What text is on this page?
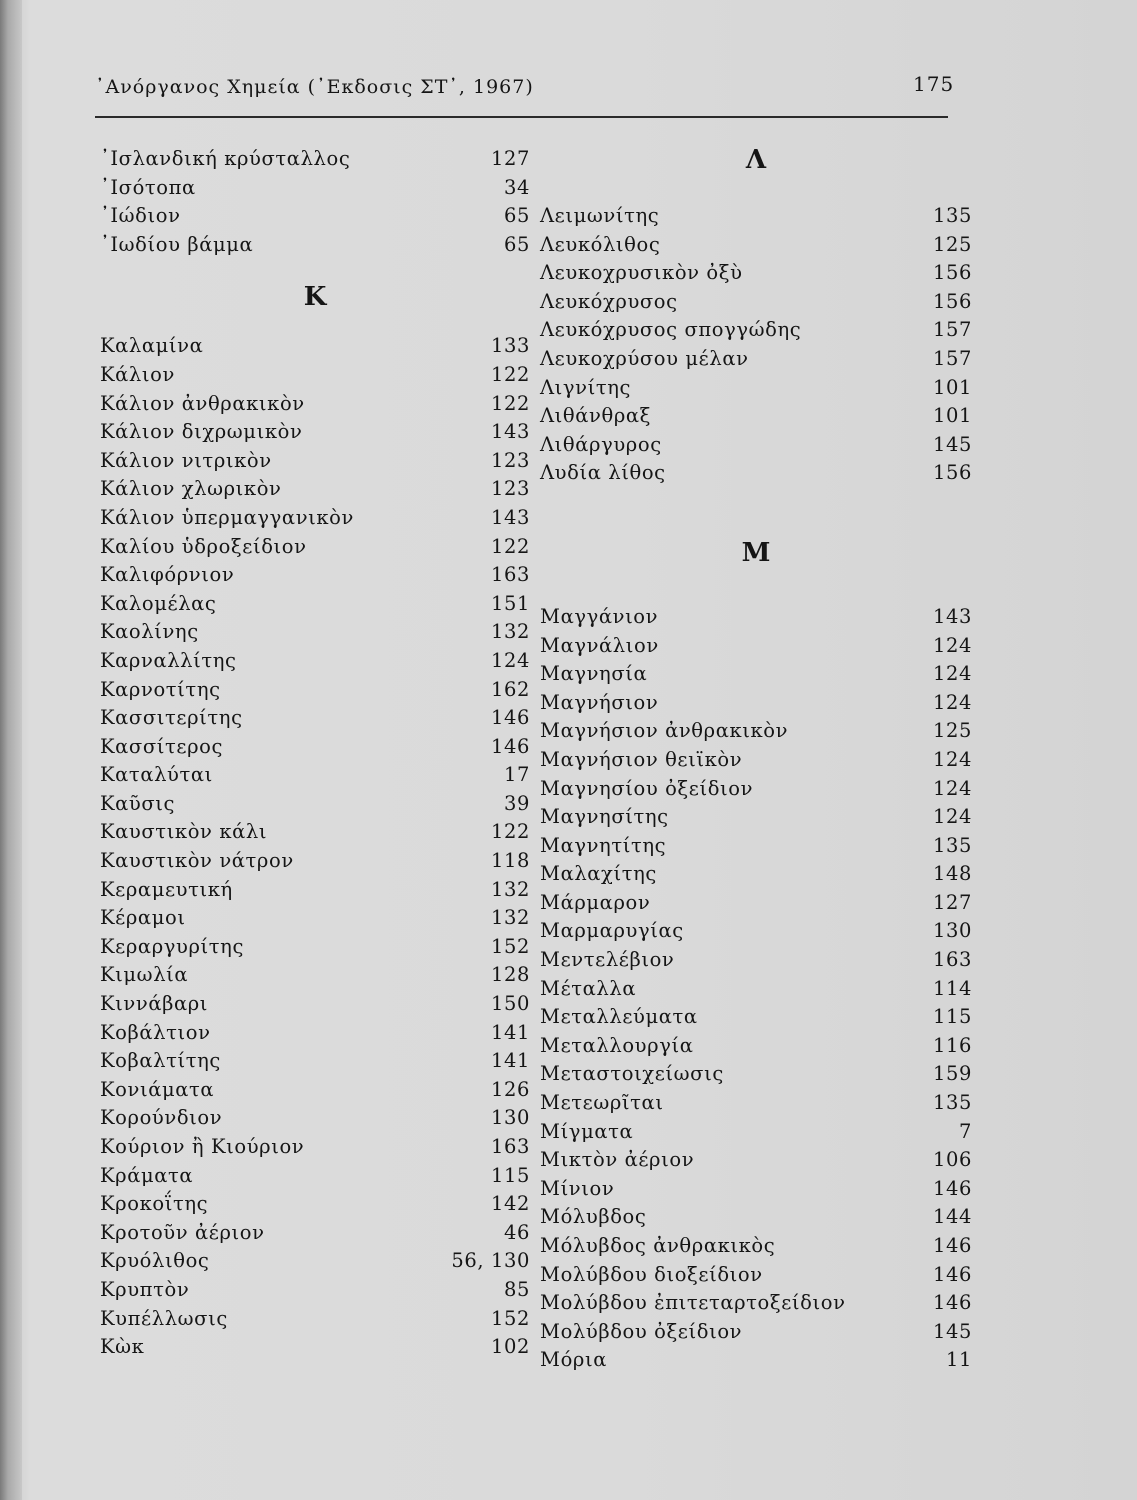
᾽Ανόργανος Χημεία (᾽Εκδοσις ΣΤ᾽, 1967)	175
᾽Ισλανδική κρύσταλλος	127
᾽Ισότοπα	34
᾽Ιώδιον	65
᾽Ιωδίου βάμμα	65
Κ
Καλαμίνα	133
Κάλιον	122
Κάλιον ἀνθρακικὸν	122
Κάλιον διχρωμικὸν	143
Κάλιον νιτρικὸν	123
Κάλιον χλωρικὸν	123
Κάλιον ὑπερμαγγανικὸν	143
Καλίου ὑδροξείδιον	122
Καλιφόρνιον	163
Καλομέλας	151
Καολίνης	132
Καρναλλίτης	124
Καρνοτίτης	162
Κασσιτερίτης	146
Κασσίτερος	146
Καταλύται	17
Καῦσις	39
Καυστικὸν κάλι	122
Καυστικὸν νάτρον	118
Κεραμευτική	132
Κέραμοι	132
Κεραργυρίτης	152
Κιμωλία	128
Κιννάβαρι	150
Κοβάλτιον	141
Κοβαλτίτης	141
Κονιάματα	126
Κορούνδιον	130
Κούριον ἢ Κιούριον	163
Κράματα	115
Κροκοΐτης	142
Κροτοῦν ἀέριον	46
Κρυόλιθος	56, 130
Κρυπτὸν	85
Κυπέλλωσις	152
Κὼκ	102
Λ
Λειμωνίτης	135
Λευκόλιθος	125
Λευκοχρυσικὸν ὀξὺ	156
Λευκόχρυσος	156
Λευκόχρυσος σπογγώδης	157
Λευκοχρύσου μέλαν	157
Λιγνίτης	101
Λιθάνθραξ	101
Λιθάργυρος	145
Λυδία λίθος	156
Μ
Μαγγάνιον	143
Μαγνάλιον	124
Μαγνησία	124
Μαγνήσιον	124
Μαγνήσιον ἀνθρακικὸν	125
Μαγνήσιον θειϊκὸν	124
Μαγνησίου ὀξείδιον	124
Μαγνησίτης	124
Μαγνητίτης	135
Μαλαχίτης	148
Μάρμαρον	127
Μαρμαρυγίας	130
Μεντελέβιον	163
Μέταλλα	114
Μεταλλεύματα	115
Μεταλλουργία	116
Μεταστοιχείωσις	159
Μετεωρῖται	135
Μίγματα	7
Μικτὸν ἀέριον	106
Μίνιον	146
Μόλυβδος	144
Μόλυβδος ἀνθρακικὸς	146
Μολύβδου διοξείδιον	146
Μολύβδου ἐπιτεταρτοξείδιον	146
Μολύβδου ὀξείδιον	145
Μόρια	11
